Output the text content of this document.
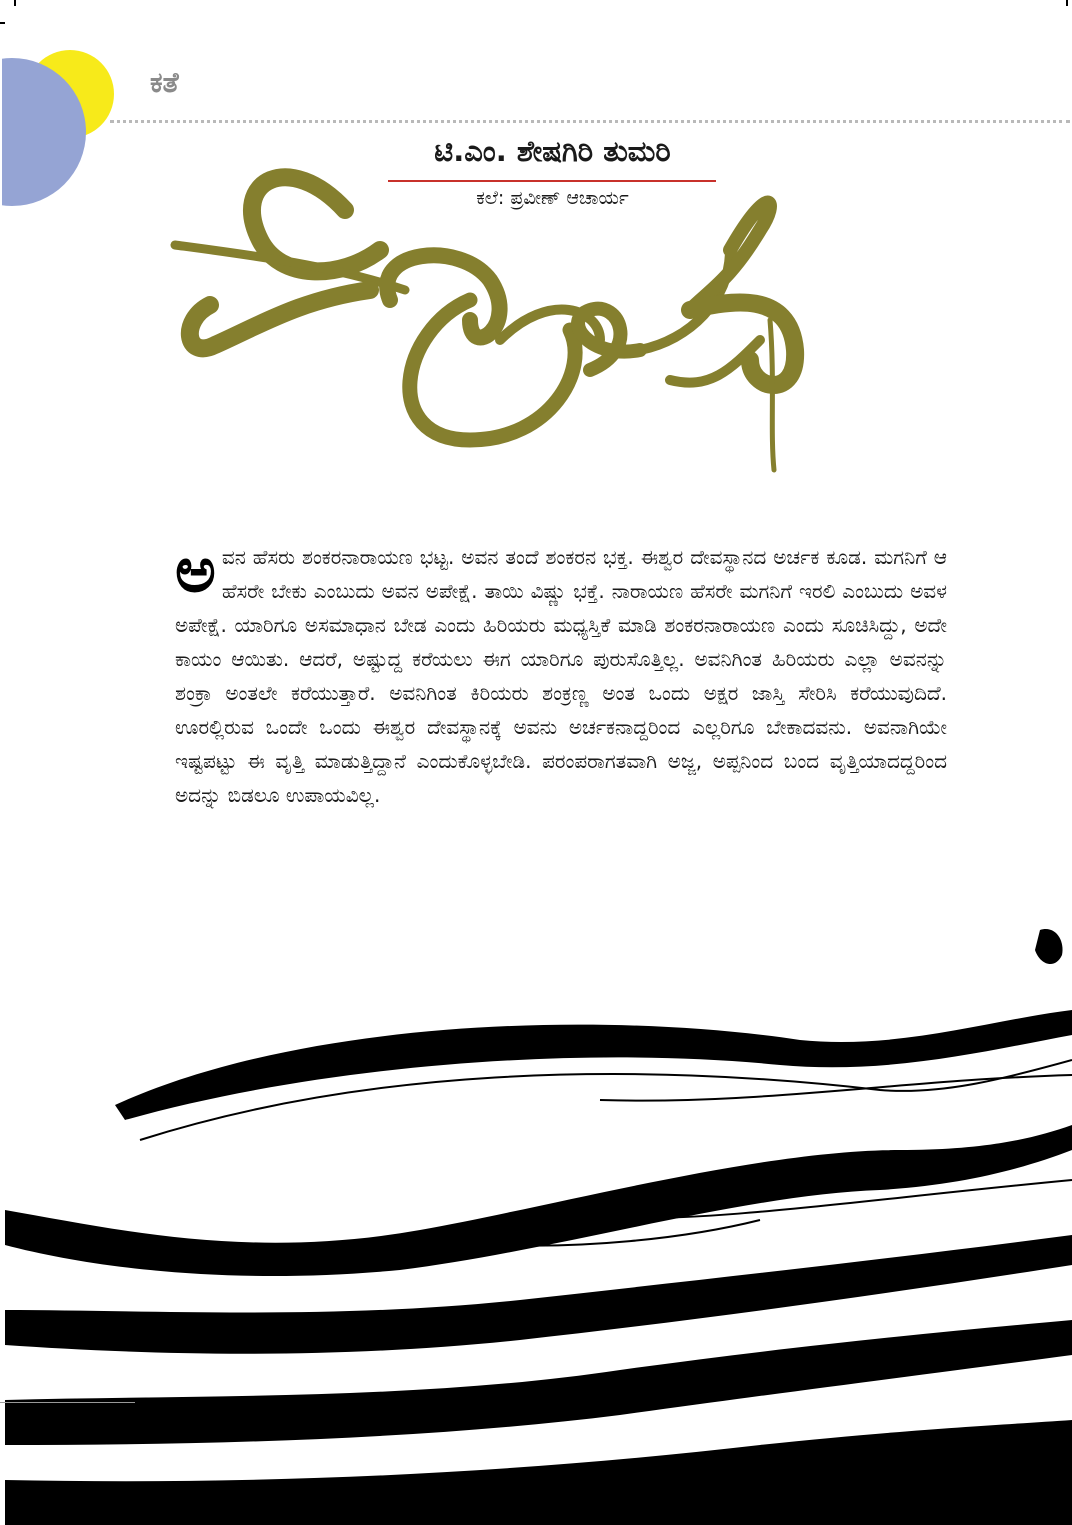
ಕತೆ
ಟಿ.ಎಂ. ಶೇಷಗಿರಿ ತುಮರಿ
ಕಲೆ: ಪ್ರವೀಣ್ ಆಚಾರ್ಯ
ಅ ವನ ಹೆಸರು ಶಂಕರನಾರಾಯಣ ಭಟ್ಟ. ಅವನ ತಂದೆ ಶಂಕರನ ಭಕ್ತ. ಈಶ್ವರ ದೇವಸ್ಥಾನದ ಅರ್ಚಕ ಕೂಡ. ಮಗನಿಗೆ ಆ ಹೆಸರೇ ಬೇಕು ಎಂಬುದು ಅವನ ಅಪೇಕ್ಷೆ. ತಾಯಿ ವಿಷ್ಣು ಭಕ್ತೆ. ನಾರಾಯಣ ಹೆಸರೇ ಮಗನಿಗೆ ಇರಲಿ ಎಂಬುದು ಅವಳ ಅಪೇಕ್ಷೆ. ಯಾರಿಗೂ ಅಸಮಾಧಾನ ಬೇಡ ಎಂದು ಹಿರಿಯರು ಮಧ್ಯಸ್ತಿಕೆ ಮಾಡಿ ಶಂಕರನಾರಾಯಣ ಎಂದು ಸೂಚಿಸಿದ್ದು, ಅದೇ ಕಾಯಂ ಆಯಿತು. ಆದರೆ, ಅಷ್ಟುದ್ದ ಕರೆಯಲು ಈಗ ಯಾರಿಗೂ ಪುರುಸೊತ್ತಿಲ್ಲ. ಅವನಿಗಿಂತ ಹಿರಿಯರು ಎಲ್ಲಾ ಅವನನ್ನು ಶಂಕ್ರಾ ಅಂತಲೇ ಕರೆಯುತ್ತಾರೆ. ಅವನಿಗಿಂತ ಕಿರಿಯರು ಶಂಕ್ರಣ್ಣ ಅಂತ ಒಂದು ಅಕ್ಷರ ಜಾಸ್ತಿ ಸೇರಿಸಿ ಕರೆಯುವುದಿದೆ. ಊರಲ್ಲಿರುವ ಒಂದೇ ಒಂದು ಈಶ್ವರ ದೇವಸ್ಥಾನಕ್ಕೆ ಅವನು ಅರ್ಚಕನಾದ್ದರಿಂದ ಎಲ್ಲರಿಗೂ ಬೇಕಾದವನು. ಅವನಾಗಿಯೇ ಇಷ್ಟಪಟ್ಟು ಈ ವೃತ್ತಿ ಮಾಡುತ್ತಿದ್ದಾನೆ ಎಂದುಕೊಳ್ಳಬೇಡಿ. ಪರಂಪರಾಗತವಾಗಿ ಅಜ್ಜ, ಅಪ್ಪನಿಂದ ಬಂದ ವೃತ್ತಿಯಾದದ್ದರಿಂದ ಅದನ್ನು ಬಿಡಲೂ ಉಪಾಯವಿಲ್ಲ.
